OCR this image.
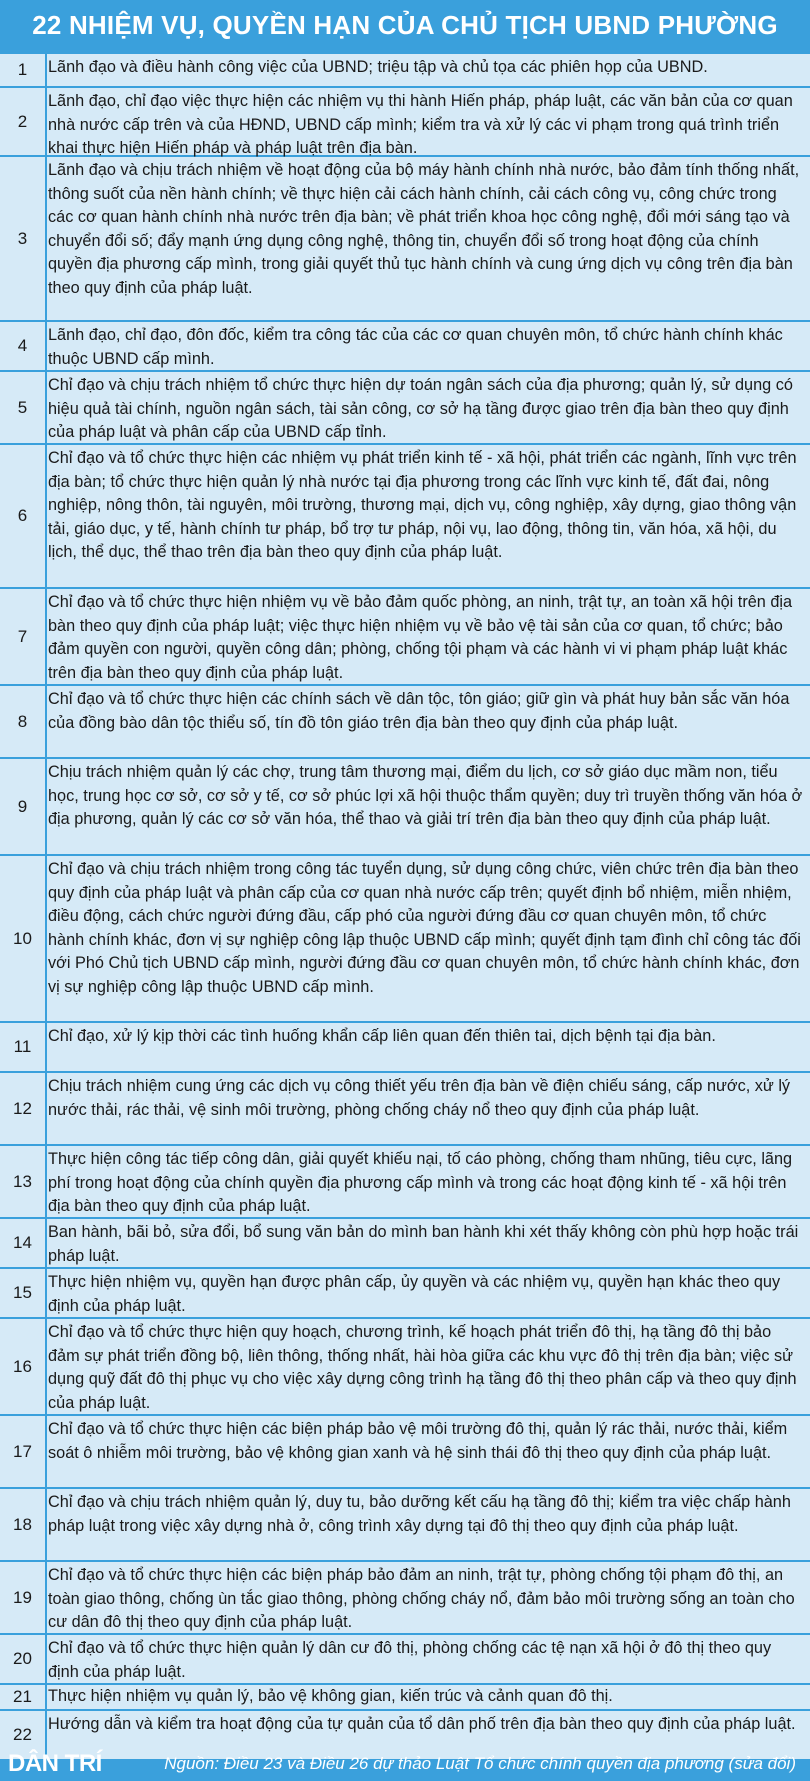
22 NHIỆM VỤ, QUYỀN HẠN CỦA CHỦ TỊCH UBND PHƯỜNG
1	Lãnh đạo và điều hành công việc của UBND; triệu tập và chủ tọa các phiên họp của UBND.
2
Lãnh đạo, chỉ đạo việc thực hiện các nhiệm vụ thi hành Hiến pháp, pháp luật, các văn bản của cơ quan nhà nước cấp trên và của HĐND, UBND cấp mình; kiểm tra và xử lý các vi phạm trong quá trình triển khai thực hiện Hiến pháp và pháp luật trên địa bàn.
3
Lãnh đạo và chịu trách nhiệm về hoạt động của bộ máy hành chính nhà nước, bảo đảm tính thống nhất, thông suốt của nền hành chính; về thực hiện cải cách hành chính, cải cách công vụ, công chức trong các cơ quan hành chính nhà nước trên địa bàn; về phát triển khoa học công nghệ, đổi mới sáng tạo và chuyển đổi số; đẩy mạnh ứng dụng công nghệ, thông tin, chuyển đổi số trong hoạt động của chính quyền địa phương cấp mình, trong giải quyết thủ tục hành chính và cung ứng dịch vụ công trên địa bàn theo quy định của pháp luật.
4
Lãnh đạo, chỉ đạo, đôn đốc, kiểm tra công tác của các cơ quan chuyên môn, tổ chức hành chính khác thuộc UBND cấp mình.
5
Chỉ đạo và chịu trách nhiệm tổ chức thực hiện dự toán ngân sách của địa phương; quản lý, sử dụng có hiệu quả tài chính, nguồn ngân sách, tài sản công, cơ sở hạ tầng được giao trên địa bàn theo quy định của pháp luật và phân cấp của UBND cấp tỉnh.
6
Chỉ đạo và tổ chức thực hiện các nhiệm vụ phát triển kinh tế - xã hội, phát triển các ngành, lĩnh vực trên địa bàn; tổ chức thực hiện quản lý nhà nước tại địa phương trong các lĩnh vực kinh tế, đất đai, nông nghiệp, nông thôn, tài nguyên, môi trường, thương mại, dịch vụ, công nghiệp, xây dựng, giao thông vận tải, giáo dục, y tế, hành chính tư pháp, bổ trợ tư pháp, nội vụ, lao động, thông tin, văn hóa, xã hội, du lịch, thể dục, thể thao trên địa bàn theo quy định của pháp luật.
7
Chỉ đạo và tổ chức thực hiện nhiệm vụ về bảo đảm quốc phòng, an ninh, trật tự, an toàn xã hội trên địa bàn theo quy định của pháp luật; việc thực hiện nhiệm vụ về bảo vệ tài sản của cơ quan, tổ chức; bảo đảm quyền con người, quyền công dân; phòng, chống tội phạm và các hành vi vi phạm pháp luật khác trên địa bàn theo quy định của pháp luật.
8
Chỉ đạo và tổ chức thực hiện các chính sách về dân tộc, tôn giáo; giữ gìn và phát huy bản sắc văn hóa của đồng bào dân tộc thiểu số, tín đồ tôn giáo trên địa bàn theo quy định của pháp luật.
9
Chịu trách nhiệm quản lý các chợ, trung tâm thương mại, điểm du lịch, cơ sở giáo dục mầm non, tiểu học, trung học cơ sở, cơ sở y tế, cơ sở phúc lợi xã hội thuộc thẩm quyền; duy trì truyền thống văn hóa ở địa phương, quản lý các cơ sở văn hóa, thể thao và giải trí trên địa bàn theo quy định của pháp luật.
10
Chỉ đạo và chịu trách nhiệm trong công tác tuyển dụng, sử dụng công chức, viên chức trên địa bàn theo quy định của pháp luật và phân cấp của cơ quan nhà nước cấp trên; quyết định bổ nhiệm, miễn nhiệm, điều động, cách chức người đứng đầu, cấp phó của người đứng đầu cơ quan chuyên môn, tổ chức hành chính khác, đơn vị sự nghiệp công lập thuộc UBND cấp mình; quyết định tạm đình chỉ công tác đối với Phó Chủ tịch UBND cấp mình, người đứng đầu cơ quan chuyên môn, tổ chức hành chính khác, đơn vị sự nghiệp công lập thuộc UBND cấp mình.
11
Chỉ đạo, xử lý kịp thời các tình huống khẩn cấp liên quan đến thiên tai, dịch bệnh tại địa bàn.
12
Chịu trách nhiệm cung ứng các dịch vụ công thiết yếu trên địa bàn về điện chiếu sáng, cấp nước, xử lý nước thải, rác thải, vệ sinh môi trường, phòng chống cháy nổ theo quy định của pháp luật.
13
Thực hiện công tác tiếp công dân, giải quyết khiếu nại, tố cáo phòng, chống tham nhũng, tiêu cực, lãng phí trong hoạt động của chính quyền địa phương cấp mình và trong các hoạt động kinh tế - xã hội trên địa bàn theo quy định của pháp luật.
14
Ban hành, bãi bỏ, sửa đổi, bổ sung văn bản do mình ban hành khi xét thấy không còn phù hợp hoặc trái pháp luật.
15
Thực hiện nhiệm vụ, quyền hạn được phân cấp, ủy quyền và các nhiệm vụ, quyền hạn khác theo quy định của pháp luật.
16
Chỉ đạo và tổ chức thực hiện quy hoạch, chương trình, kế hoạch phát triển đô thị, hạ tầng đô thị bảo đảm sự phát triển đồng bộ, liên thông, thống nhất, hài hòa giữa các khu vực đô thị trên địa bàn; việc sử dụng quỹ đất đô thị phục vụ cho việc xây dựng công trình hạ tầng đô thị theo phân cấp và theo quy định của pháp luật.
17
Chỉ đạo và tổ chức thực hiện các biện pháp bảo vệ môi trường đô thị, quản lý rác thải, nước thải, kiểm soát ô nhiễm môi trường, bảo vệ không gian xanh và hệ sinh thái đô thị theo quy định của pháp luật.
18
Chỉ đạo và chịu trách nhiệm quản lý, duy tu, bảo dưỡng kết cấu hạ tầng đô thị; kiểm tra việc chấp hành pháp luật trong việc xây dựng nhà ở, công trình xây dựng tại đô thị theo quy định của pháp luật.
19
Chỉ đạo và tổ chức thực hiện các biện pháp bảo đảm an ninh, trật tự, phòng chống tội phạm đô thị, an toàn giao thông, chống ùn tắc giao thông, phòng chống cháy nổ, đảm bảo môi trường sống an toàn cho cư dân đô thị theo quy định của pháp luật.
20
Chỉ đạo và tổ chức thực hiện quản lý dân cư đô thị, phòng chống các tệ nạn xã hội ở đô thị theo quy định của pháp luật.
21 Thực hiện nhiệm vụ quản lý, bảo vệ không gian, kiến trúc và cảnh quan đô thị.
22
Hướng dẫn và kiểm tra hoạt động của tự quản của tổ dân phố trên địa bàn theo quy định của pháp luật.
DÂN TRÍ	Nguồn: Điều 23 và Điều 26 dự thảo Luật Tổ chức chính quyền địa phương (sửa đổi)
